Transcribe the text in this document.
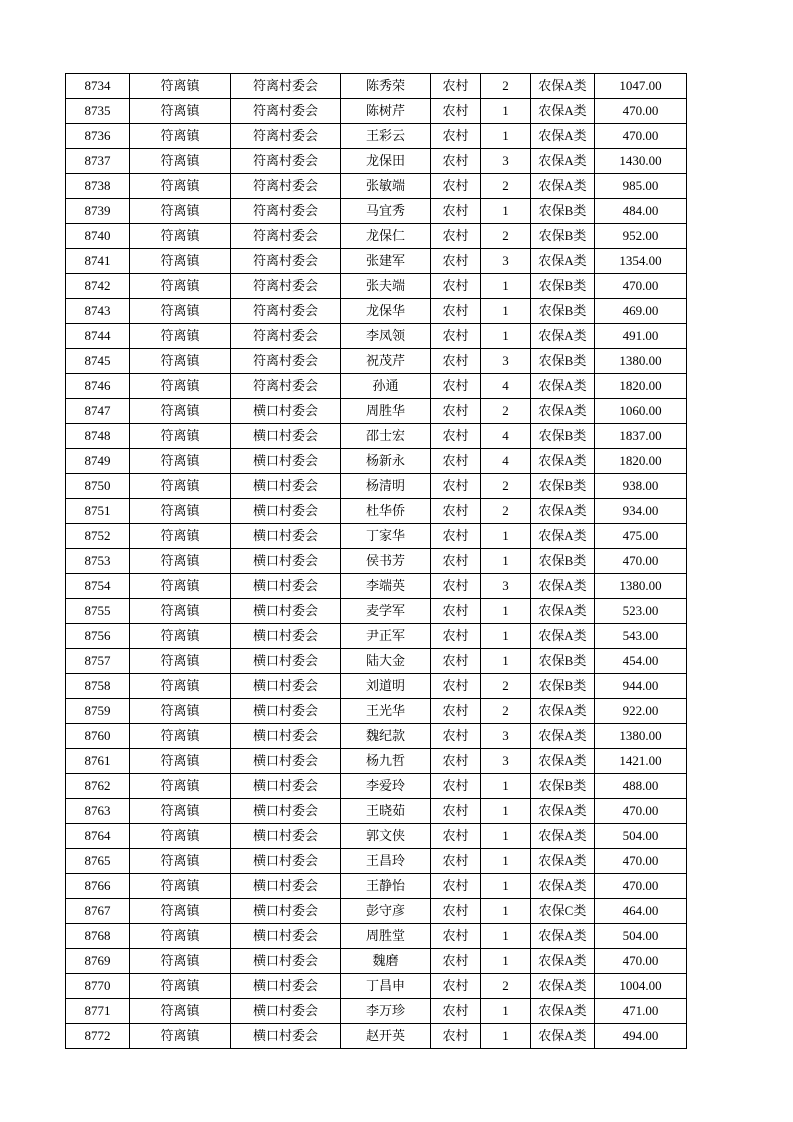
8734	符离镇	符离村委会	陈秀荣	农村	2	农保A类	1047.00
8735	符离镇	符离村委会	陈树芹	农村	1	农保A类	470.00
8736	符离镇	符离村委会	王彩云	农村	1	农保A类	470.00
8737	符离镇	符离村委会	龙保田	农村	3	农保A类	1430.00
8738	符离镇	符离村委会	张敏端	农村	2	农保A类	985.00
8739	符离镇	符离村委会	马宜秀	农村	1	农保B类	484.00
8740	符离镇	符离村委会	龙保仁	农村	2	农保B类	952.00
8741	符离镇	符离村委会	张建军	农村	3	农保A类	1354.00
8742	符离镇	符离村委会	张夫端	农村	1	农保B类	470.00
8743	符离镇	符离村委会	龙保华	农村	1	农保B类	469.00
8744	符离镇	符离村委会	李凤领	农村	1	农保A类	491.00
8745	符离镇	符离村委会	祝茂芹	农村	3	农保B类	1380.00
8746	符离镇	符离村委会	孙通	农村	4	农保A类	1820.00
8747	符离镇	横口村委会	周胜华	农村	2	农保A类	1060.00
8748	符离镇	横口村委会	邵士宏	农村	4	农保B类	1837.00
8749	符离镇	横口村委会	杨新永	农村	4	农保A类	1820.00
8750	符离镇	横口村委会	杨清明	农村	2	农保B类	938.00
8751	符离镇	横口村委会	杜华侨	农村	2	农保A类	934.00
8752	符离镇	横口村委会	丁家华	农村	1	农保A类	475.00
8753	符离镇	横口村委会	侯书芳	农村	1	农保B类	470.00
8754	符离镇	横口村委会	李端英	农村	3	农保A类	1380.00
8755	符离镇	横口村委会	麦学军	农村	1	农保A类	523.00
8756	符离镇	横口村委会	尹正军	农村	1	农保A类	543.00
8757	符离镇	横口村委会	陆大金	农村	1	农保B类	454.00
8758	符离镇	横口村委会	刘道明	农村	2	农保B类	944.00
8759	符离镇	横口村委会	王光华	农村	2	农保A类	922.00
8760	符离镇	横口村委会	魏纪款	农村	3	农保A类	1380.00
8761	符离镇	横口村委会	杨九哲	农村	3	农保A类	1421.00
8762	符离镇	横口村委会	李爱玲	农村	1	农保B类	488.00
8763	符离镇	横口村委会	王晓茹	农村	1	农保A类	470.00
8764	符离镇	横口村委会	郭文侠	农村	1	农保A类	504.00
8765	符离镇	横口村委会	王昌玲	农村	1	农保A类	470.00
8766	符离镇	横口村委会	王静怡	农村	1	农保A类	470.00
8767	符离镇	横口村委会	彭守彦	农村	1	农保C类	464.00
8768	符离镇	横口村委会	周胜堂	农村	1	农保A类	504.00
8769	符离镇	横口村委会	魏磨	农村	1	农保A类	470.00
8770	符离镇	横口村委会	丁昌申	农村	2	农保A类	1004.00
8771	符离镇	横口村委会	李万珍	农村	1	农保A类	471.00
8772	符离镇	横口村委会	赵开英	农村	1	农保A类	494.00
